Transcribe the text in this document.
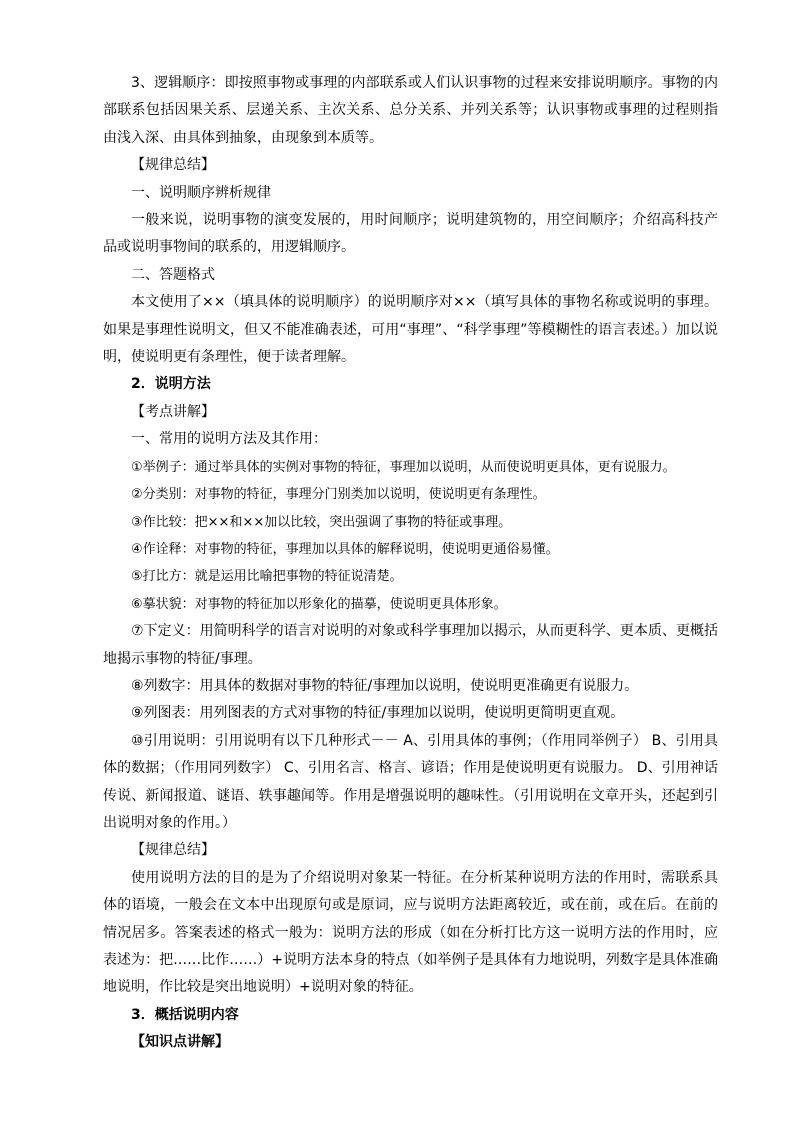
3、逻辑顺序：即按照事物或事理的内部联系或人们认识事物的过程来安排说明顺序。事物的内部联系包括因果关系、层递关系、主次关系、总分关系、并列关系等；认识事物或事理的过程则指由浅入深、由具体到抽象，由现象到本质等。

【规律总结】

一、说明顺序辨析规律

一般来说，说明事物的演变发展的，用时间顺序；说明建筑物的，用空间顺序；介绍高科技产品或说明事物间的联系的，用逻辑顺序。

二、答题格式

本文使用了××（填具体的说明顺序）的说明顺序对××（填写具体的事物名称或说明的事理。如果是事理性说明文，但又不能准确表述，可用“事理”、“科学事理”等模糊性的语言表述。）加以说明，使说明更有条理性，便于读者理解。

2．说明方法

【考点讲解】

一、常用的说明方法及其作用：

①举例子：通过举具体的实例对事物的特征，事理加以说明，从而使说明更具体，更有说服力。

②分类别：对事物的特征，事理分门别类加以说明，使说明更有条理性。

③作比较：把××和××加以比较，突出强调了事物的特征或事理。

④作诠释：对事物的特征，事理加以具体的解释说明，使说明更通俗易懂。

⑤打比方：就是运用比喻把事物的特征说清楚。

⑥摹状貌：对事物的特征加以形象化的描摹，使说明更具体形象。

⑦下定义：用简明科学的语言对说明的对象或科学事理加以揭示，从而更科学、更本质、更概括地揭示事物的特征/事理。

⑧列数字：用具体的数据对事物的特征/事理加以说明，使说明更准确更有说服力。

⑨列图表：用列图表的方式对事物的特征/事理加以说明，使说明更简明更直观。

⑩引用说明：引用说明有以下几种形式－－ A、引用具体的事例；（作用同举例子） B、引用具体的数据；（作用同列数字） C、引用名言、格言、谚语；作用是使说明更有说服力。 D、引用神话传说、新闻报道、谜语、轶事趣闻等。作用是增强说明的趣味性。（引用说明在文章开头，还起到引出说明对象的作用。）

【规律总结】

使用说明方法的目的是为了介绍说明对象某一特征。在分析某种说明方法的作用时，需联系具体的语境，一般会在文本中出现原句或是原词，应与说明方法距离较近，或在前，或在后。在前的情况居多。答案表述的格式一般为：说明方法的形成（如在分析打比方这一说明方法的作用时，应表述为：把……比作……）+说明方法本身的特点（如举例子是具体有力地说明，列数字是具体准确地说明，作比较是突出地说明）+说明对象的特征。

3．概括说明内容

【知识点讲解】
